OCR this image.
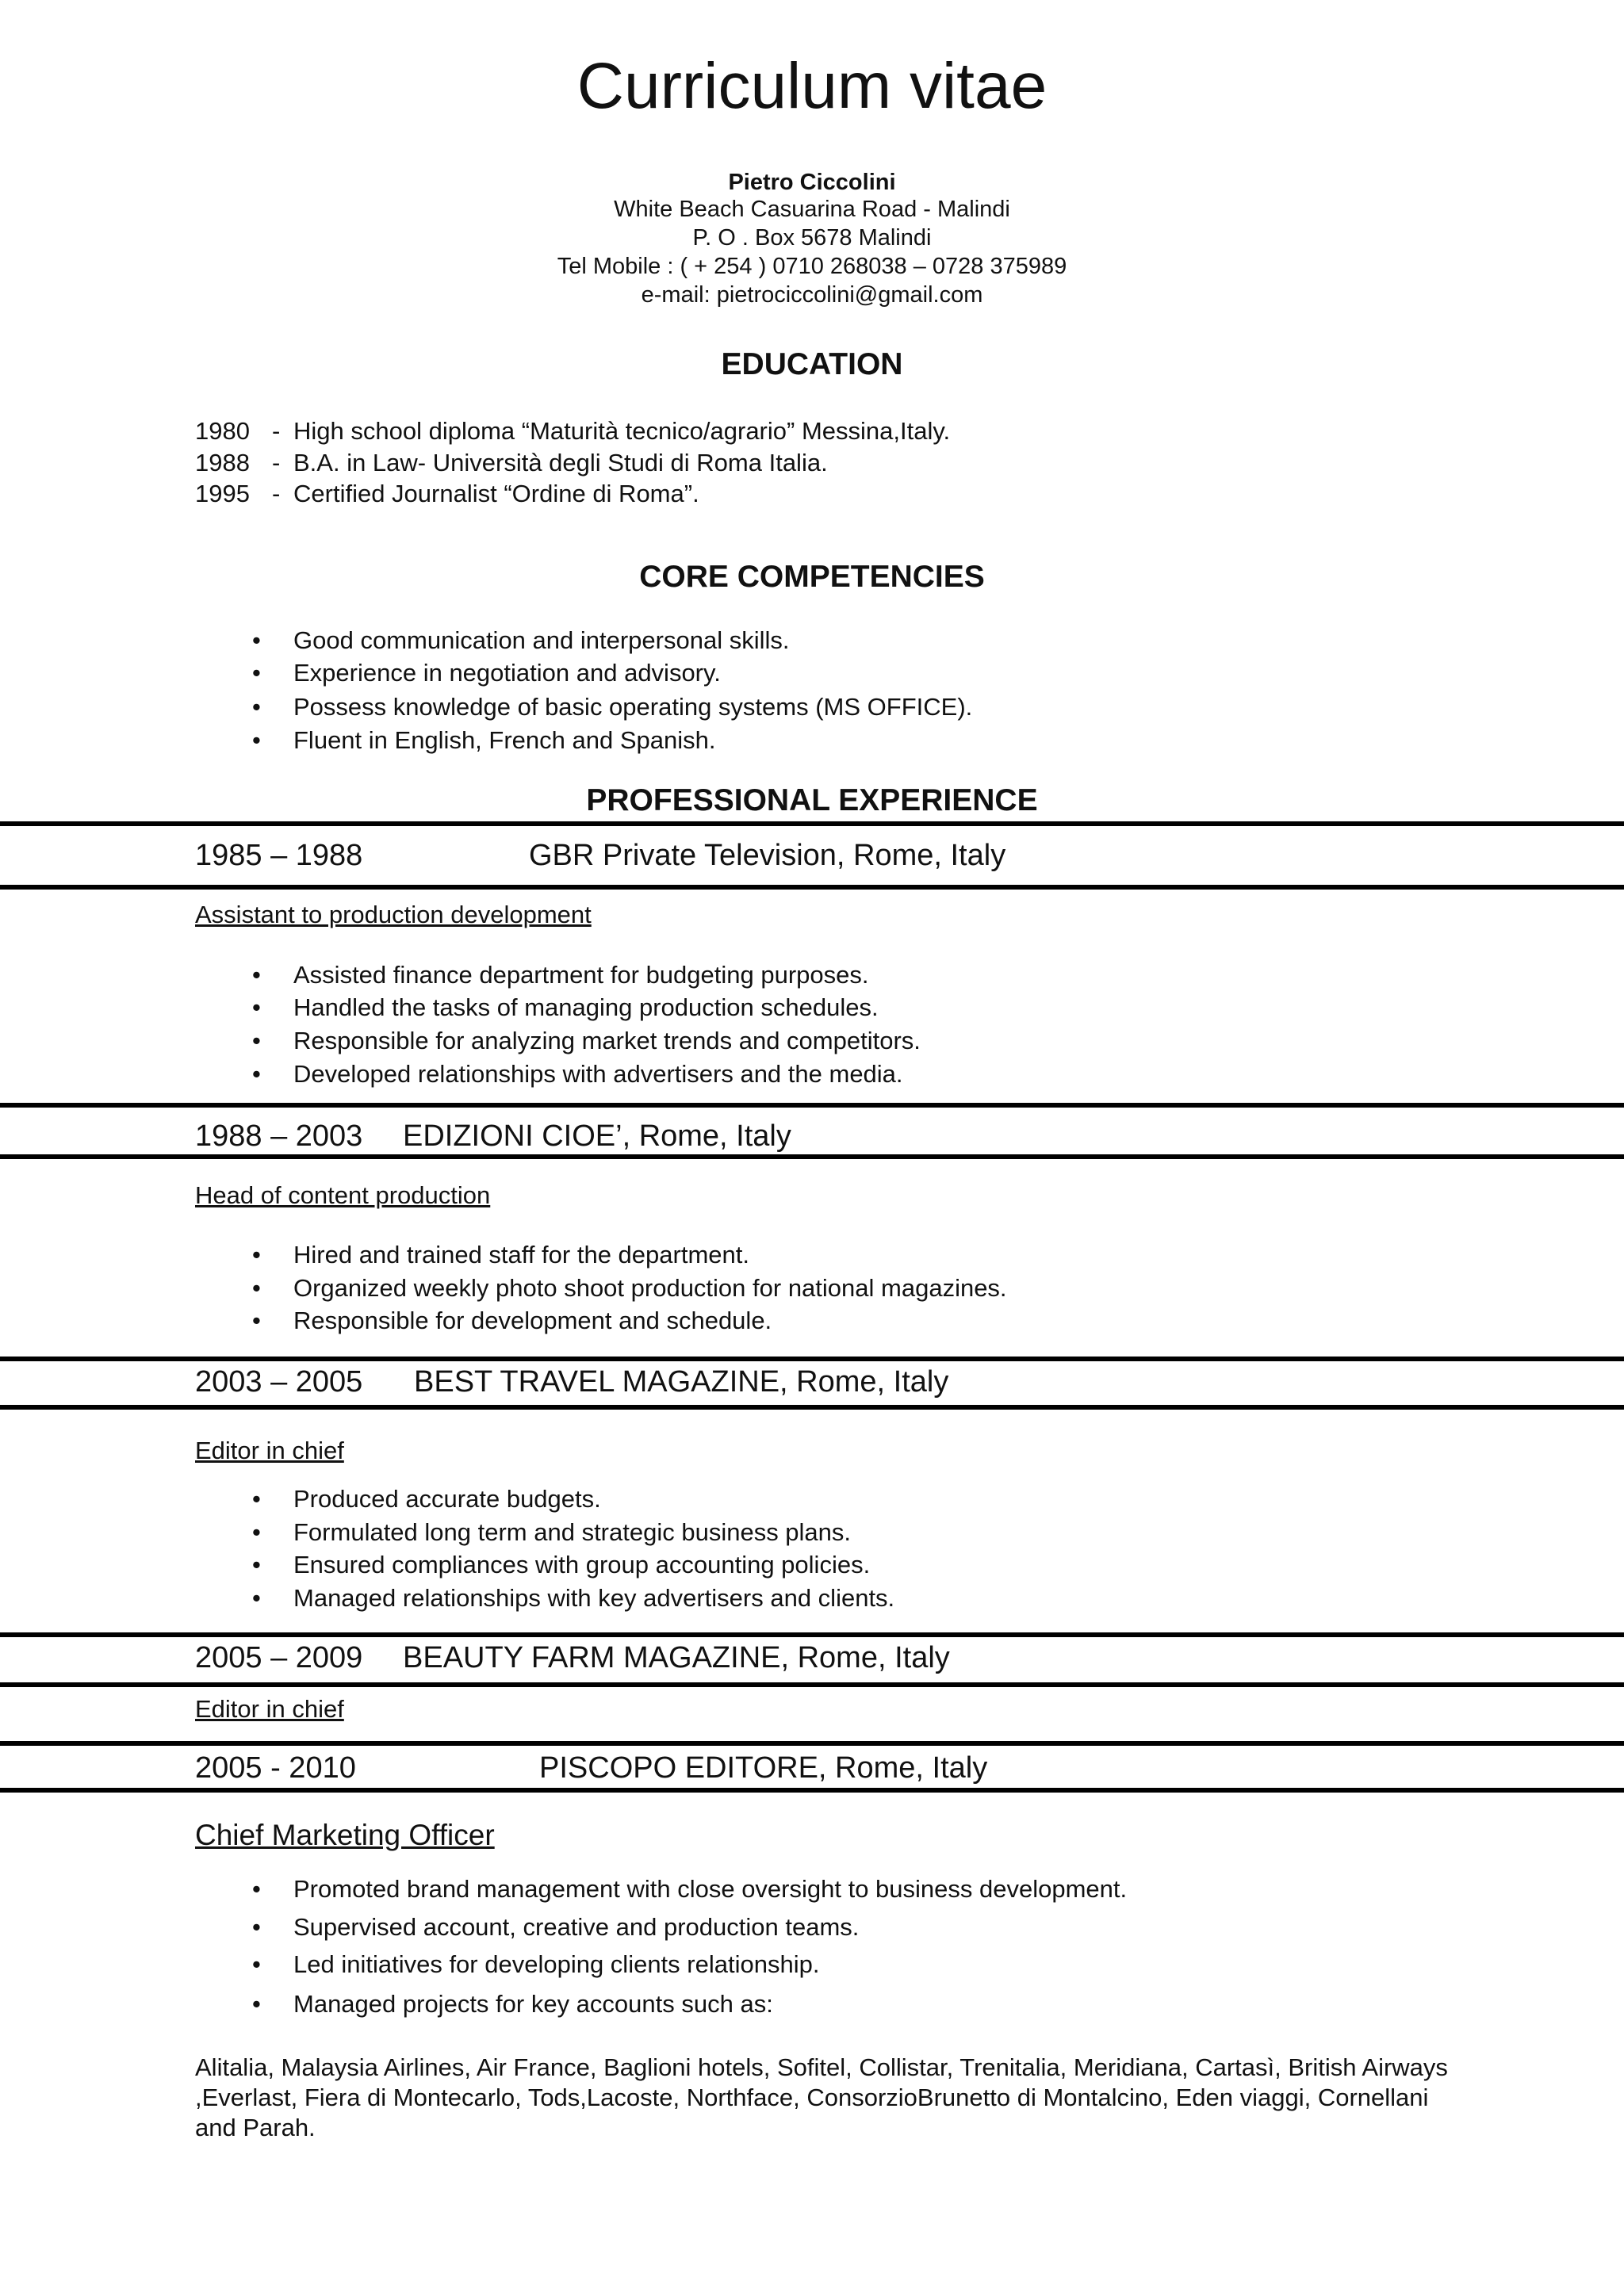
Curriculum vitae
Pietro Ciccolini
White Beach Casuarina Road - Malindi
P. O . Box 5678 Malindi
Tel Mobile : ( + 254 ) 0710 268038 – 0728 375989
e-mail: pietrociccolini@gmail.com
EDUCATION
1980 - High school diploma “Maturità tecnico/agrario” Messina,Italy.
1988 - B.A. in Law- Università degli Studi di Roma Italia.
1995 - Certified Journalist “Ordine di Roma”.
CORE COMPETENCIES
• Good communication and interpersonal skills.
• Experience in negotiation and advisory.
• Possess knowledge of basic operating systems (MS OFFICE).
• Fluent in English, French and Spanish.
PROFESSIONAL EXPERIENCE
1985 – 1988	GBR Private Television, Rome, Italy
Assistant to production development
• Assisted finance department for budgeting purposes.
• Handled the tasks of managing production schedules.
• Responsible for analyzing market trends and competitors.
• Developed relationships with advertisers and the media.
1988 – 2003 EDIZIONI CIOE’, Rome, Italy
Head of content production
• Hired and trained staff for the department.
• Organized weekly photo shoot production for national magazines.
• Responsible for development and schedule.
2003 – 2005 BEST TRAVEL MAGAZINE, Rome, Italy
Editor in chief
• Produced accurate budgets.
• Formulated long term and strategic business plans.
• Ensured compliances with group accounting policies.
• Managed relationships with key advertisers and clients.
2005 – 2009 BEAUTY FARM MAGAZINE, Rome, Italy
Editor in chief
2005 - 2010	PISCOPO EDITORE, Rome, Italy
Chief Marketing Officer
• Promoted brand management with close oversight to business development.
• Supervised account, creative and production teams.
• Led initiatives for developing clients relationship.
• Managed projects for key accounts such as:
Alitalia, Malaysia Airlines, Air France, Baglioni hotels, Sofitel, Collistar, Trenitalia, Meridiana, Cartasì, British Airways ,Everlast, Fiera di Montecarlo, Tods,Lacoste, Northface, ConsorzioBrunetto di Montalcino, Eden viaggi, Cornellani and Parah.
